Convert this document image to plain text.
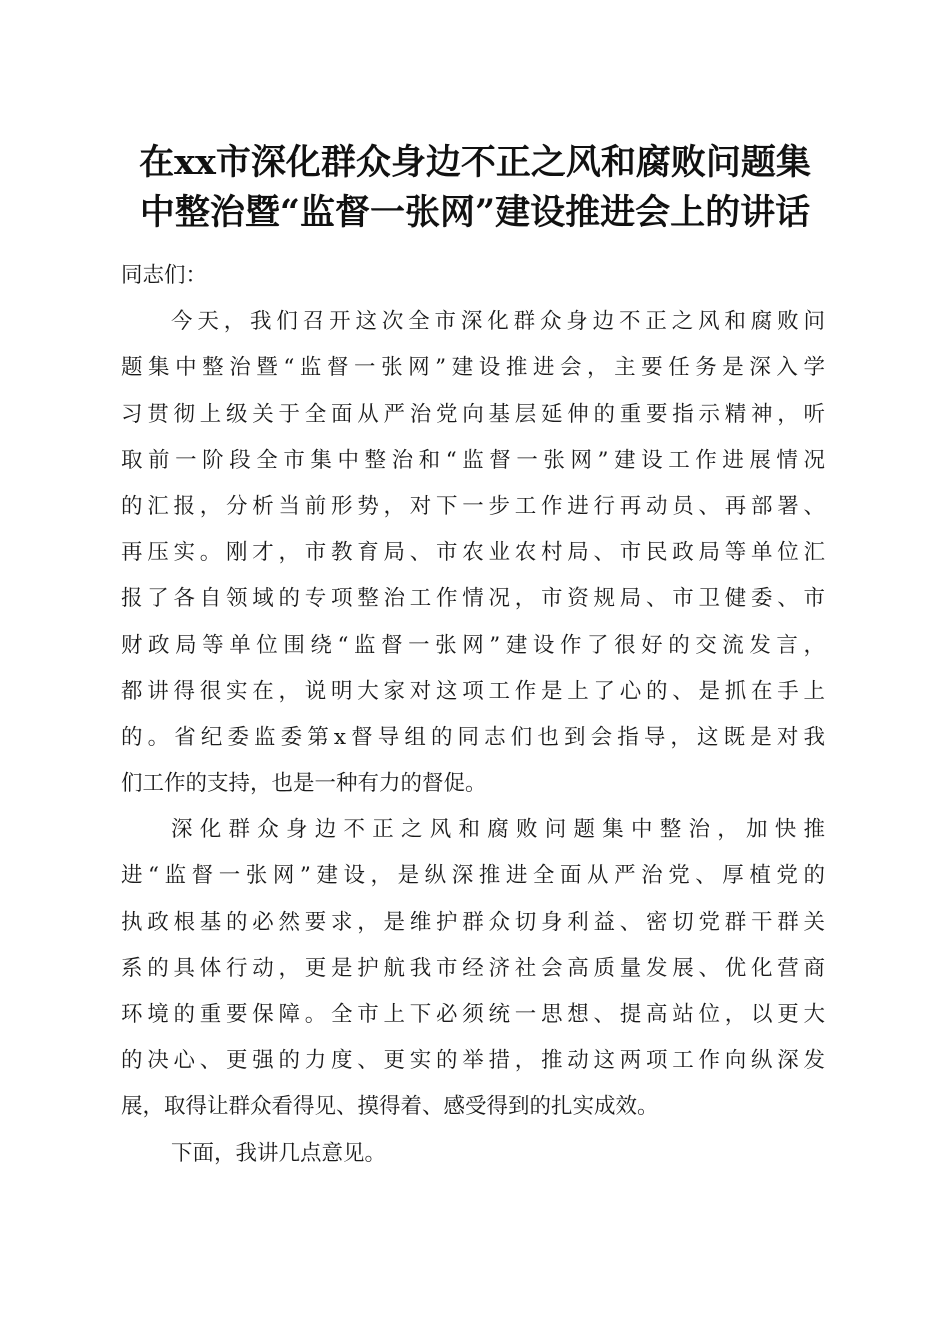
在xx市深化群众身边不正之风和腐败问题集
中整治暨“监督一张网”建设推进会上的讲话
同志们：
今天，我们召开这次全市深化群众身边不正之风和腐败问
题集中整治暨“监督一张网”建设推进会，主要任务是深入学
习贯彻上级关于全面从严治党向基层延伸的重要指示精神，听
取前一阶段全市集中整治和“监督一张网”建设工作进展情况
的汇报，分析当前形势，对下一步工作进行再动员、再部署、
再压实。刚才，市教育局、市农业农村局、市民政局等单位汇
报了各自领域的专项整治工作情况，市资规局、市卫健委、市
财政局等单位围绕“监督一张网”建设作了很好的交流发言，
都讲得很实在，说明大家对这项工作是上了心的、是抓在手上
的。省纪委监委第x督导组的同志们也到会指导，这既是对我
们工作的支持，也是一种有力的督促。
深化群众身边不正之风和腐败问题集中整治，加快推
进“监督一张网”建设，是纵深推进全面从严治党、厚植党的
执政根基的必然要求，是维护群众切身利益、密切党群干群关
系的具体行动，更是护航我市经济社会高质量发展、优化营商
环境的重要保障。全市上下必须统一思想、提高站位，以更大
的决心、更强的力度、更实的举措，推动这两项工作向纵深发
展，取得让群众看得见、摸得着、感受得到的扎实成效。
下面，我讲几点意见。
